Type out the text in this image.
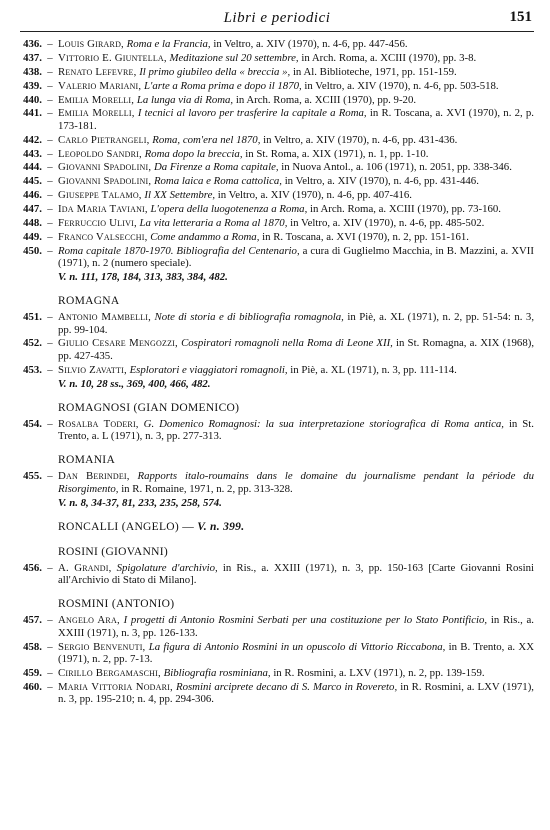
Libri e periodici	151
436. – Louis Girard, Roma e la Francia, in Veltro, a. XIV (1970), n. 4-6, pp. 447-456.
437. – Vittorio E. Giuntella, Meditazione sul 20 settembre, in Arch. Roma, a. XCIII (1970), pp. 3-8.
438. – Renato Lefevre, Il primo giubileo della « breccia », in Al. Biblioteche, 1971, pp. 151-159.
439. – Valerio Mariani, L'arte a Roma prima e dopo il 1870, in Veltro, a. XIV (1970), n. 4-6, pp. 503-518.
440. – Emilia Morelli, La lunga via di Roma, in Arch. Roma, a. XCIII (1970), pp. 9-20.
441. – Emilia Morelli, I tecnici al lavoro per trasferire la capitale a Roma, in R. Toscana, a. XVI (1970), n. 2, p. 173-181.
442. – Carlo Pietrangeli, Roma, com'era nel 1870, in Veltro, a. XIV (1970), n. 4-6, pp. 431-436.
443. – Leopoldo Sandri, Roma dopo la breccia, in St. Roma, a. XIX (1971), n. 1, pp. 1-10.
444. – Giovanni Spadolini, Da Firenze a Roma capitale, in Nuova Antol., a. 106 (1971), n. 2051, pp. 338-346.
445. – Giovanni Spadolini, Roma laica e Roma cattolica, in Veltro, a. XIV (1970), n. 4-6, pp. 431-446.
446. – Giuseppe Talamo, Il XX Settembre, in Veltro, a. XIV (1970), n. 4-6, pp. 407-416.
447. – Ida Maria Taviani, L'opera della luogotenenza a Roma, in Arch. Roma, a. XCIII (1970), pp. 73-160.
448. – Ferruccio Ulivi, La vita letteraria a Roma al 1870, in Veltro, a. XIV (1970), n. 4-6, pp. 485-502.
449. – Franco Valsecchi, Come andammo a Roma, in R. Toscana, a. XVI (1970), n. 2, pp. 151-161.
450. – Roma capitale 1870-1970. Bibliografia del Centenario, a cura di Guglielmo Macchia, in B. Mazzini, a. XVII (1971), n. 2 (numero speciale).
V. n. 111, 178, 184, 313, 383, 384, 482.
ROMAGNA
451. – Antonio Mambelli, Note di storia e di bibliografia romagnola, in Piè, a. XL (1971), n. 2, pp. 51-54: n. 3, pp. 99-104.
452. – Giulio Cesare Mengozzi, Cospiratori romagnoli nella Roma di Leone XII, in St. Romagna, a. XIX (1968), pp. 427-435.
453. – Silvio Zavatti, Esploratori e viaggiatori romagnoli, in Piè, a. XL (1971), n. 3, pp. 111-114.
V. n. 10, 28 ss., 369, 400, 466, 482.
ROMAGNOSI (GIAN DOMENICO)
454. – Rosalba Toderi, G. Domenico Romagnosi: la sua interpretazione storiografica di Roma antica, in St. Trento, a. L (1971), n. 3, pp. 277-313.
ROMANIA
455. – Dan Berindei, Rapports italo-roumains dans le domaine du journalisme pendant la période du Risorgimento, in R. Romaine, 1971, n. 2, pp. 313-328.
V. n. 8, 34-37, 81, 233, 235, 258, 574.
RONCALLI (ANGELO) — V. n. 399.
ROSINI (GIOVANNI)
456. – A. Grandi, Spigolature d'archivio, in Ris., a. XXIII (1971), n. 3, pp. 150-163 [Carte Giovanni Rosini all'Archivio di Stato di Milano].
ROSMINI (ANTONIO)
457. – Angelo Ara, I progetti di Antonio Rosmini Serbati per una costituzione per lo Stato Pontificio, in Ris., a. XXIII (1971), n. 3, pp. 126-133.
458. – Sergio Benvenuti, La figura di Antonio Rosmini in un opuscolo di Vittorio Riccabona, in B. Trento, a. XX (1971), n. 2, pp. 7-13.
459. – Cirillo Bergamaschi, Bibliografia rosminiana, in R. Rosmini, a. LXV (1971), n. 2, pp. 139-159.
460. – Maria Vittoria Nodari, Rosmini arciprete decano di S. Marco in Rovereto, in R. Rosmini, a. LXV (1971), n. 3, pp. 195-210; n. 4, pp. 294-306.
